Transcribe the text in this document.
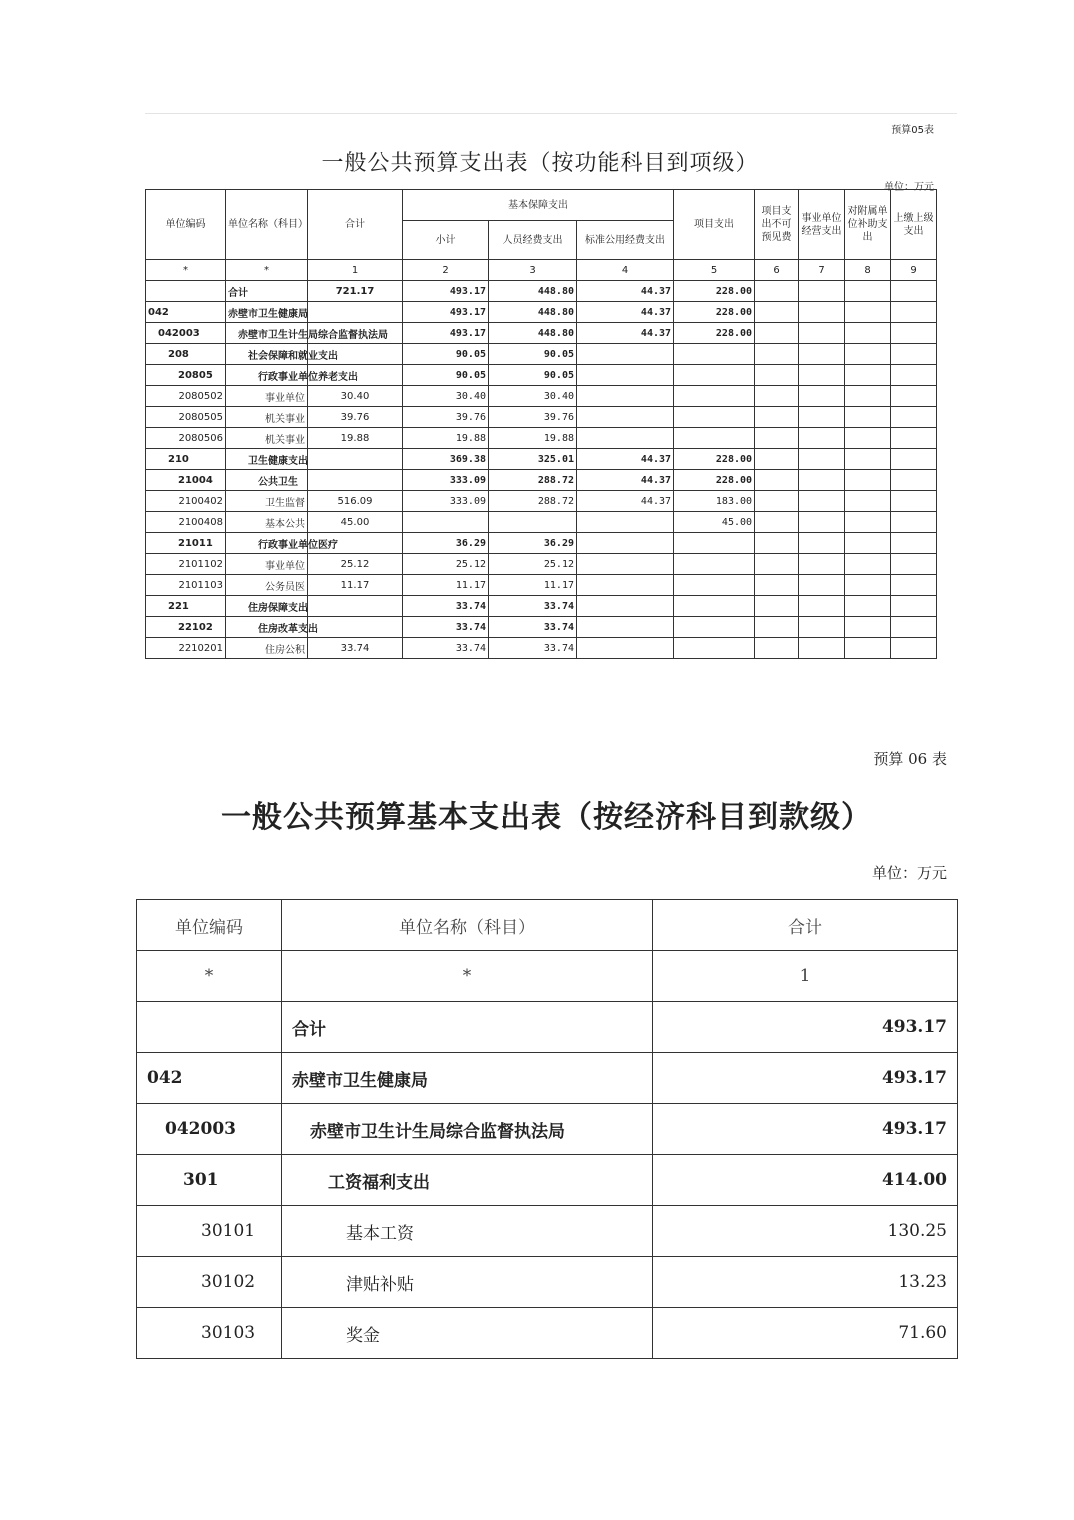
预算05表
一般公共预算支出表（按功能科目到项级）
单位：万元
单位编码	单位名称（科目）	合计	基本保障支出			项目支出	项目支出不可预见费	事业单位经营支出	对附属单位补助支出	上缴上级支出
			小计	人员经费支出	标准公用经费支出					
*	*	1	2	3	4	5	6	7	8	9
	合计	721.17	493.17	448.80	44.37	228.00				
042	赤壁市卫生健康局		493.17	448.80	44.37	228.00				
042003	赤壁市卫生计生局综合监督执法局		493.17	448.80	44.37	228.00				
208	社会保障和就业支出		90.05	90.05						
20805	行政事业单位养老支出		90.05	90.05						
2080502	事业单位	30.40	30.40	30.40						
2080505	机关事业	39.76	39.76	39.76						
2080506	机关事业	19.88	19.88	19.88						
210	卫生健康支出		369.38	325.01	44.37	228.00				
21004	公共卫生		333.09	288.72	44.37	228.00				
2100402	卫生监督	516.09	333.09	288.72	44.37	183.00				
2100408	基本公共	45.00				45.00				
21011	行政事业单位医疗		36.29	36.29						
2101102	事业单位	25.12	25.12	25.12						
2101103	公务员医	11.17	11.17	11.17						
221	住房保障支出		33.74	33.74						
22102	住房改革支出		33.74	33.74						
2210201	住房公积	33.74	33.74	33.74						
预算 06 表
一般公共预算基本支出表（按经济科目到款级）
单位：万元
单位编码	单位名称（科目）	合计
*	*	1
	合计	493.17
042	赤壁市卫生健康局	493.17
042003	赤壁市卫生计生局综合监督执法局	493.17
301	工资福利支出	414.00
30101	基本工资	130.25
30102	津贴补贴	13.23
30103	奖金	71.60
